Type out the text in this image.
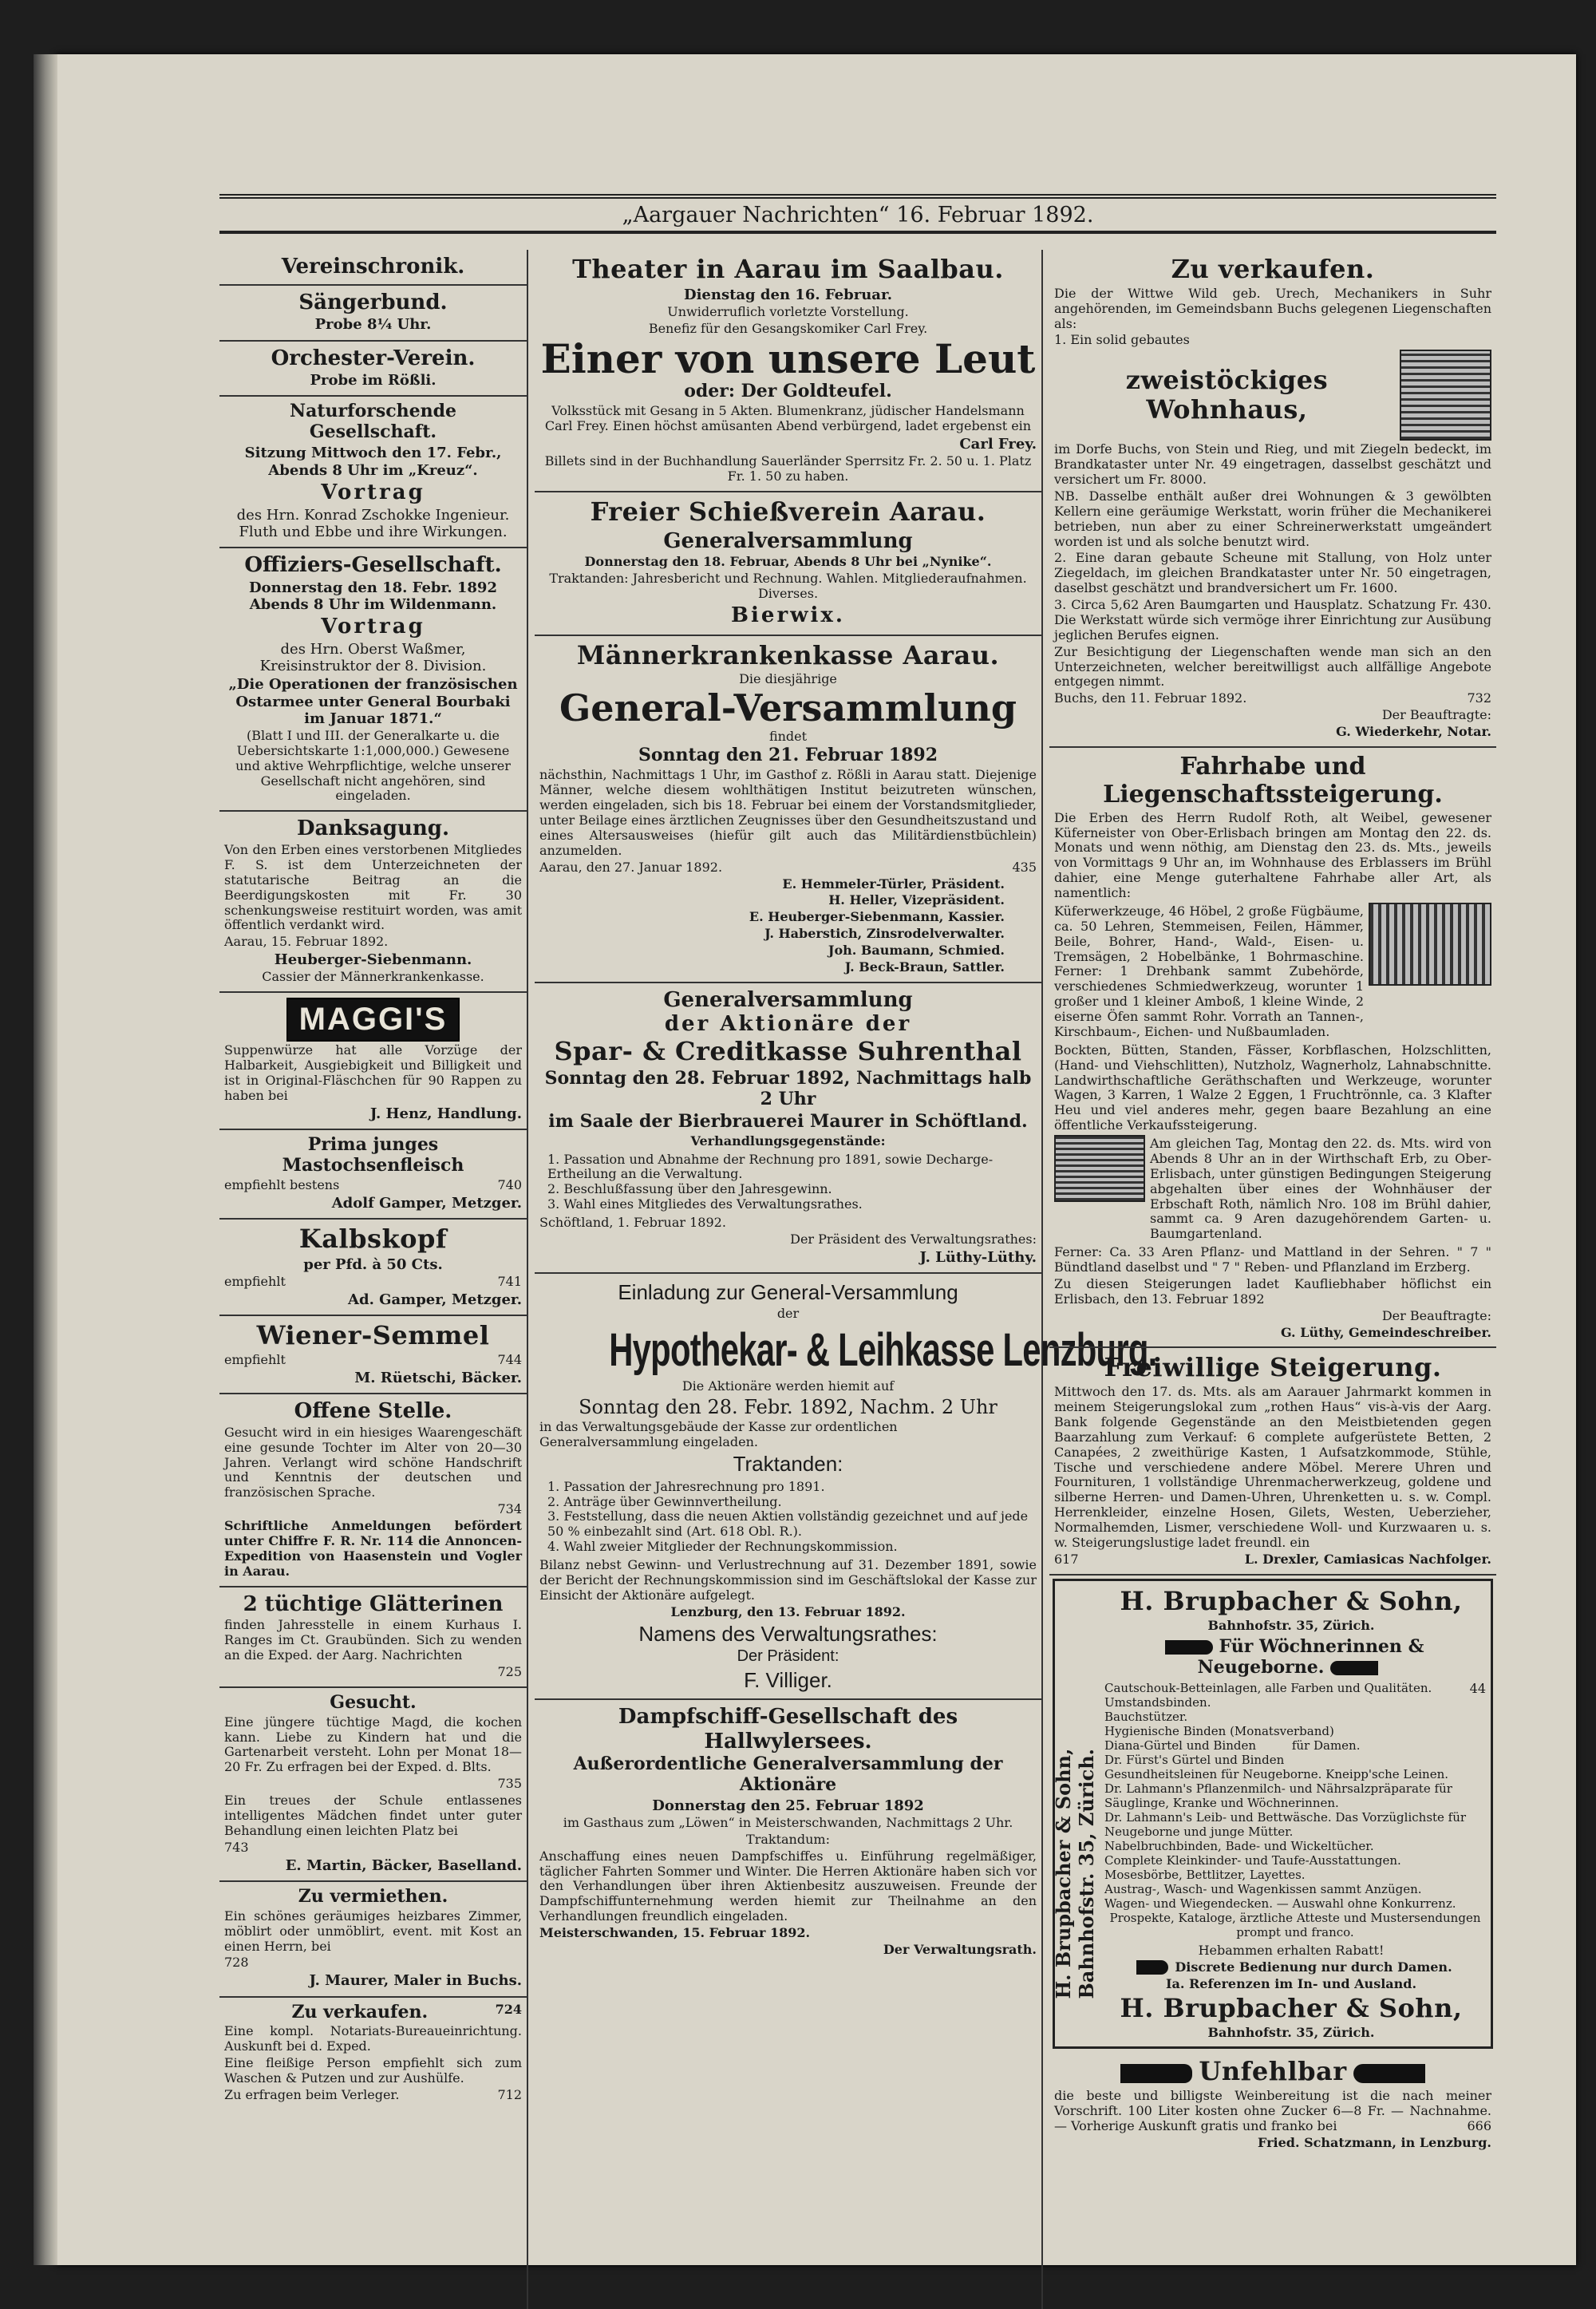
„Aargauer Nachrichten“ 16. Februar 1892.
Vereinschronik.
Sängerbund.

Probe 8¼ Uhr.

Orchester-Verein.

Probe im Rößli.

Naturforschende Gesellschaft.

Sitzung Mittwoch den 17. Febr., Abends 8 Uhr im „Kreuz“.

Vortrag

des Hrn. Konrad Zschokke Ingenieur. Fluth und Ebbe und ihre Wirkungen.

Offiziers-Gesellschaft.

Donnerstag den 18. Febr. 1892 Abends 8 Uhr im Wildenmann.

Vortrag

des Hrn. Oberst Waßmer, Kreisinstruktor der 8. Division.

„Die Operationen der französischen Ostarmee unter General Bourbaki im Januar 1871.“

(Blatt I und III. der Generalkarte u. die Uebersichtskarte 1:1,000,000.) Gewesene und aktive Wehrpflichtige, welche unserer Gesellschaft nicht angehören, sind eingeladen.

Danksagung.

Von den Erben eines verstorbenen Mitgliedes F. S. ist dem Unterzeichneten der statutarische Beitrag an die Beerdigungskosten mit Fr. 30 schenkungsweise restituirt worden, was amit öffentlich verdankt wird.

Aarau, 15. Februar 1892.

Heuberger-Siebenmann.

Cassier der Männerkrankenkasse.

MAGGI'S

Suppenwürze hat alle Vorzüge der Halbarkeit, Ausgiebigkeit und Billigkeit und ist in Original-Fläschchen für 90 Rappen zu haben bei

J. Henz, Handlung.

Prima junges Mastochsenfleisch

empfiehlt bestens	740

Adolf Gamper, Metzger.

Kalbskopf

per Pfd. à 50 Cts.

empfiehlt	741

Ad. Gamper, Metzger.

Wiener-Semmel

empfiehlt	744

M. Rüetschi, Bäcker.

Offene Stelle.

Gesucht wird in ein hiesiges Waarengeschäft eine gesunde Tochter im Alter von 20—30 Jahren. Verlangt wird schöne Handschrift und Kenntnis der deutschen und französischen Sprache.

734

Schriftliche Anmeldungen befördert unter Chiffre F. R. Nr. 114 die Annoncen-Expedition von Haasenstein und Vogler in Aarau.

2 tüchtige Glätterinen

finden Jahresstelle in einem Kurhaus I. Ranges im Ct. Graubünden. Sich zu wenden an die Exped. der Aarg. Nachrichten

725

Gesucht.

Eine jüngere tüchtige Magd, die kochen kann. Liebe zu Kindern hat und die Gartenarbeit versteht. Lohn per Monat 18—20 Fr. Zu erfragen bei der Exped. d. Blts.

735

Ein treues der Schule entlassenes intelligentes Mädchen findet unter guter Behandlung einen leichten Platz bei

743

E. Martin, Bäcker, Baselland.

Zu vermiethen.

Ein schönes geräumiges heizbares Zimmer, möblirt oder unmöblirt, event. mit Kost an einen Herrn, bei

728

J. Maurer, Maler in Buchs.

Zu verkaufen.	724

Eine kompl. Notariats-Bureaueinrichtung. Auskunft bei d. Exped.

Eine fleißige Person empfiehlt sich zum Waschen & Putzen und zur Aushülfe.

Zu erfragen beim Verleger.	712

Theater in Aarau im Saalbau.

Dienstag den 16. Februar.

Unwiderruflich vorletzte Vorstellung.

Benefiz für den Gesangskomiker Carl Frey.

Einer von unsere Leut

oder: Der Goldteufel.

Volksstück mit Gesang in 5 Akten. Blumenkranz, jüdischer Handelsmann Carl Frey. Einen höchst amüsanten Abend verbürgend, ladet ergebenst ein

Carl Frey.

Billets sind in der Buchhandlung Sauerländer Sperrsitz Fr. 2. 50 u. 1. Platz Fr. 1. 50 zu haben.

Freier Schießverein Aarau.

Generalversammlung

Donnerstag den 18. Februar, Abends 8 Uhr bei „Nynike“.

Traktanden: Jahresbericht und Rechnung. Wahlen. Mitgliederaufnahmen. Diverses.

Bierwix.

Männerkrankenkasse Aarau.

Die diesjährige

General-Versammlung

findet

Sonntag den 21. Februar 1892

nächsthin, Nachmittags 1 Uhr, im Gasthof z. Rößli in Aarau statt. Diejenige Männer, welche diesem wohlthätigen Institut beizutreten wünschen, werden eingeladen, sich bis 18. Februar bei einem der Vorstandsmitglieder, unter Beilage eines ärztlichen Zeugnisses über den Gesundheitszustand und eines Altersausweises (hiefür gilt auch das Militärdienstbüchlein) anzumelden.

Aarau, den 27. Januar 1892.	435

E. Hemmeler-Türler, Präsident.

H. Heller, Vizepräsident.

E. Heuberger-Siebenmann, Kassier.

J. Haberstich, Zinsrodelverwalter.

Joh. Baumann, Schmied.

J. Beck-Braun, Sattler.

Generalversammlung
der Aktionäre der
Spar- & Creditkasse Suhrenthal

Sonntag den 28. Februar 1892, Nachmittags halb 2 Uhr

im Saale der Bierbrauerei Maurer in Schöftland.

Verhandlungsgegenstände:

1. Passation und Abnahme der Rechnung pro 1891, sowie Decharge-Ertheilung an die Verwaltung.
2. Beschlußfassung über den Jahresgewinn.
3. Wahl eines Mitgliedes des Verwaltungsrathes.

Schöftland, 1. Februar 1892.

Der Präsident des Verwaltungsrathes:

J. Lüthy-Lüthy.

Einladung zur General-Versammlung

der

Hypothekar- & Leihkasse Lenzburg.

Die Aktionäre werden hiemit auf

Sonntag den 28. Febr. 1892, Nachm. 2 Uhr

in das Verwaltungsgebäude der Kasse zur ordentlichen Generalversammlung eingeladen.

Traktanden:

1. Passation der Jahresrechnung pro 1891.
2. Anträge über Gewinnvertheilung.
3. Feststellung, dass die neuen Aktien vollständig gezeichnet und auf jede 50 % einbezahlt sind (Art. 618 Obl. R.).
4. Wahl zweier Mitglieder der Rechnungskommission.

Bilanz nebst Gewinn- und Verlustrechnung auf 31. Dezember 1891, sowie der Bericht der Rechnungskommission sind im Geschäftslokal der Kasse zur Einsicht der Aktionäre aufgelegt.

Lenzburg, den 13. Februar 1892.

Namens des Verwaltungsrathes:

Der Präsident:

F. Villiger.

Dampfschiff-Gesellschaft des Hallwylersees.
Außerordentliche Generalversammlung der Aktionäre

Donnerstag den 25. Februar 1892

im Gasthaus zum „Löwen“ in Meisterschwanden, Nachmittags 2 Uhr.

Traktandum:

Anschaffung eines neuen Dampfschiffes u. Einführung regelmäßiger, täglicher Fahrten Sommer und Winter. Die Herren Aktionäre haben sich vor den Verhandlungen über ihren Aktienbesitz auszuweisen. Freunde der Dampfschiffunternehmung werden hiemit zur Theilnahme an den Verhandlungen freundlich eingeladen.

Meisterschwanden, 15. Februar 1892.

Der Verwaltungsrath.

Zu verkaufen.

Die der Wittwe Wild geb. Urech, Mechanikers in Suhr angehörenden, im Gemeindsbann Buchs gelegenen Liegenschaften als:

1. Ein solid gebautes

zweistöckiges Wohnhaus,

im Dorfe Buchs, von Stein und Rieg, und mit Ziegeln bedeckt, im Brandkataster unter Nr. 49 eingetragen, dasselbst geschätzt und versichert um Fr. 8000.

NB. Dasselbe enthält außer drei Wohnungen & 3 gewölbten Kellern eine geräumige Werkstatt, worin früher die Mechanikerei betrieben, nun aber zu einer Schreinerwerkstatt umgeändert worden ist und als solche benutzt wird.

2. Eine daran gebaute Scheune mit Stallung, von Holz unter Ziegeldach, im gleichen Brandkataster unter Nr. 50 eingetragen, daselbst geschätzt und brandversichert um Fr. 1600.

3. Circa 5,62 Aren Baumgarten und Hausplatz. Schatzung Fr. 430. Die Werkstatt würde sich vermöge ihrer Einrichtung zur Ausübung jeglichen Berufes eignen.

Zur Besichtigung der Liegenschaften wende man sich an den Unterzeichneten, welcher bereitwilligst auch allfällige Angebote entgegen nimmt.

Buchs, den 11. Februar 1892.	732

Der Beauftragte:

G. Wiederkehr, Notar.

Fahrhabe und Liegenschaftssteigerung.

Die Erben des Herrn Rudolf Roth, alt Weibel, gewesener Küferneister von Ober-Erlisbach bringen am Montag den 22. ds. Monats und wenn nöthig, am Dienstag den 23. ds. Mts., jeweils von Vormittags 9 Uhr an, im Wohnhause des Erblassers im Brühl dahier, eine Menge guterhaltene Fahrhabe aller Art, als namentlich:

Küferwerkzeuge, 46 Höbel, 2 große Fügbäume, ca. 50 Lehren, Stemmeisen, Feilen, Hämmer, Beile, Bohrer, Hand-, Wald-, Eisen- u. Tremsägen, 2 Hobelbänke, 1 Bohrmaschine. Ferner: 1 Drehbank sammt Zubehörde, verschiedenes Schmiedwerkzeug, worunter 1 großer und 1 kleiner Amboß, 1 kleine Winde, 2 eiserne Öfen sammt Rohr. Vorrath an Tannen-, Kirschbaum-, Eichen- und Nußbaumladen.

Bockten, Bütten, Standen, Fässer, Korbflaschen, Holzschlitten, (Hand- und Viehschlitten), Nutzholz, Wagnerholz, Lahnabschnitte. Landwirthschaftliche Geräthschaften und Werkzeuge, worunter Wagen, 3 Karren, 1 Walze 2 Eggen, 1 Fruchtrönnle, ca. 3 Klafter Heu und viel anderes mehr, gegen baare Bezahlung an eine öffentliche Verkaufssteigerung.

Am gleichen Tag, Montag den 22. ds. Mts. wird von Abends 8 Uhr an in der Wirthschaft Erb, zu Ober-Erlisbach, unter günstigen Bedingungen Steigerung abgehalten über eines der Wohnhäuser der Erbschaft Roth, nämlich Nro. 108 im Brühl dahier, sammt ca. 9 Aren dazugehörendem Garten- u. Baumgartenland.

Ferner: Ca. 33 Aren Pflanz- und Mattland in der Sehren. " 7 " Bündtland daselbst und " 7 " Reben- und Pflanzland im Erzberg.

Zu diesen Steigerungen ladet Kaufliebhaber höflichst ein Erlisbach, den 13. Februar 1892

Der Beauftragte:

G. Lüthy, Gemeindeschreiber.

Freiwillige Steigerung.

Mittwoch den 17. ds. Mts. als am Aarauer Jahrmarkt kommen in meinem Steigerungslokal zum „rothen Haus“ vis-à-vis der Aarg. Bank folgende Gegenstände an den Meistbietenden gegen Baarzahlung zum Verkauf: 6 complete aufgerüstete Betten, 2 Canapées, 2 zweithürige Kasten, 1 Aufsatzkommode, Stühle, Tische und verschiedene andere Möbel. Merere Uhren und Fournituren, 1 vollständige Uhrenmacherwerkzeug, goldene und silberne Herren- und Damen-Uhren, Uhrenketten u. s. w. Compl. Herrenkleider, einzelne Hosen, Gilets, Westen, Ueberzieher, Normalhemden, Lismer, verschiedene Woll- und Kurzwaaren u. s. w. Steigerungslustige ladet freundl. ein

617	L. Drexler, Camiasicas Nachfolger.

H. Brupbacher & Sohn, Bahnhofstr. 35, Zürich.
H. Brupbacher & Sohn,

Bahnhofstr. 35, Zürich.

Für Wöchnerinnen & Neugeborne.

Cautschouk-Betteinlagen, alle Farben und Qualitäten.	44
Umstandsbinden.
Bauchstützer.
Hygienische Binden (Monatsverband)
Diana-Gürtel und Binden	für Damen.
Dr. Fürst's Gürtel und Binden
Gesundheitsleinen für Neugeborne. Kneipp'sche Leinen.
Dr. Lahmann's Pflanzenmilch- und Nährsalzpräparate für Säuglinge, Kranke und Wöchnerinnen.
Dr. Lahmann's Leib- und Bettwäsche. Das Vorzüglichste für Neugeborne und junge Mütter.
Nabelbruchbinden, Bade- und Wickeltücher.
Complete Kleinkinder- und Taufe-Ausstattungen.
Mosesbörbe, Bettlitzer, Layettes.
Austrag-, Wasch- und Wagenkissen sammt Anzügen.
Wagen- und Wiegendecken. — Auswahl ohne Konkurrenz.
Prospekte, Kataloge, ärztliche Atteste und Mustersendungen prompt und franco.

Hebammen erhalten Rabatt!

Discrete Bedienung nur durch Damen.

Ia. Referenzen im In- und Ausland.

H. Brupbacher & Sohn,

Bahnhofstr. 35, Zürich.

Unfehlbar

die beste und billigste Weinbereitung ist die nach meiner Vorschrift. 100 Liter kosten ohne Zucker 6—8 Fr. — Nachnahme. — Vorherige Auskunft gratis und franko bei	666

Fried. Schatzmann, in Lenzburg.
